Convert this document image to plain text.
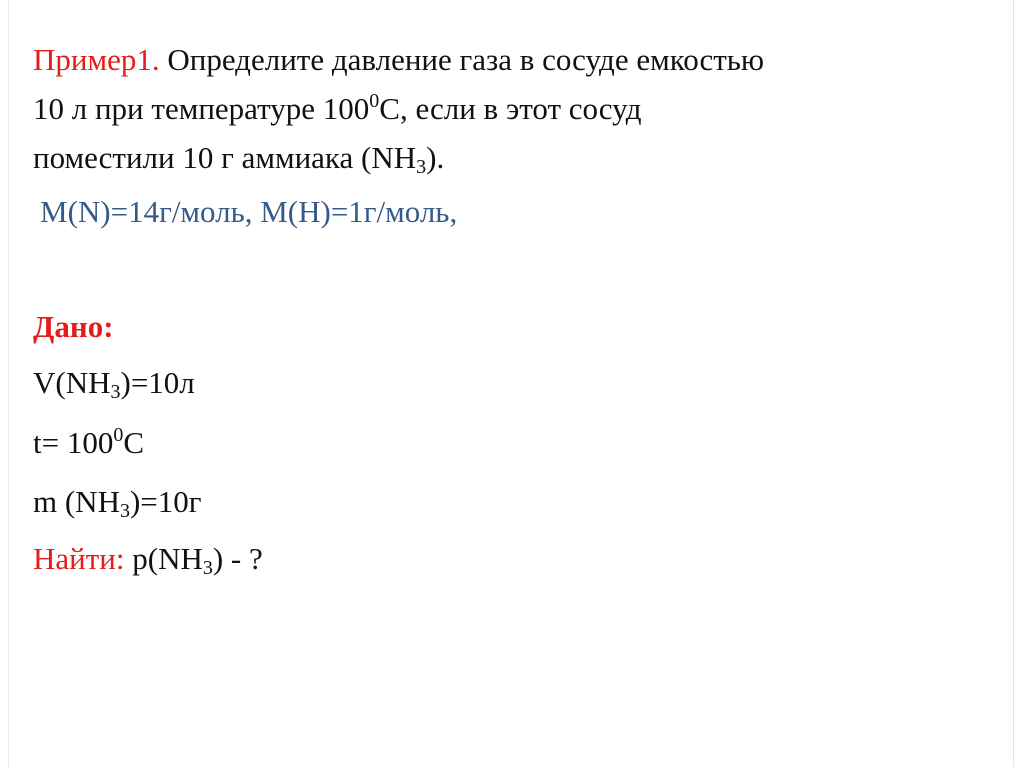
Пример1. Определите давление газа в сосуде емкостью
10 л при температуре $100^0С$, если в этот сосуд
поместили 10 г аммиака $(NH_3)$.
M(N)=14г/моль, M(H)=1г/моль,
Дано:
$V(NH_3)=10л$
$t= 100^0С$
m $(NH_3)=10г$
Найти: $p(NH_3)$ - ?
